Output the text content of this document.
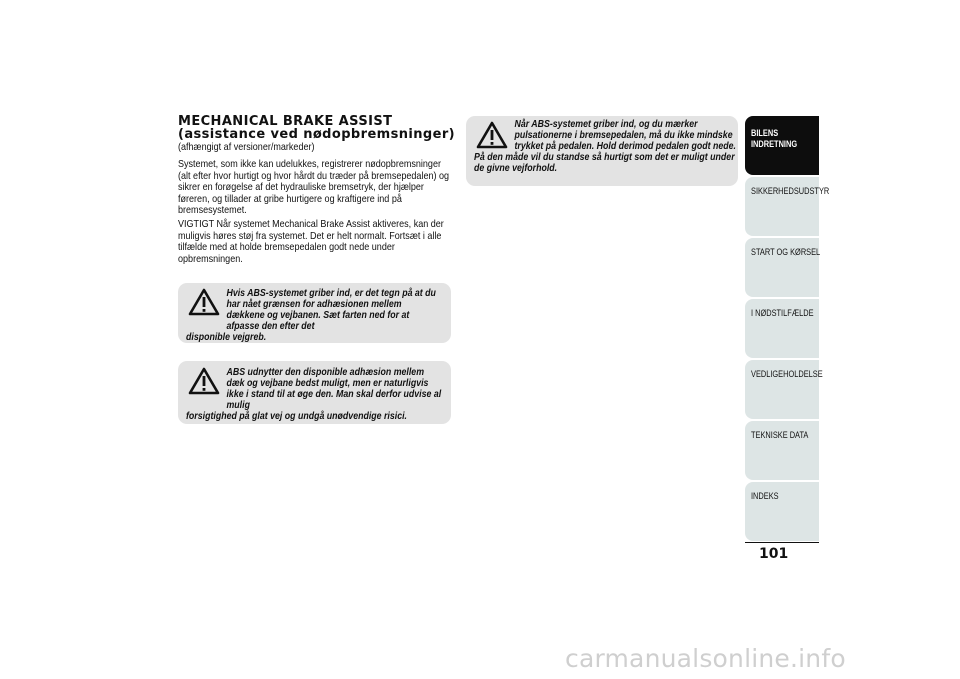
MECHANICAL BRAKE ASSIST
(assistance ved nødopbremsninger)
(afhængigt af versioner/markeder)

Systemet, som ikke kan udelukkes, registrerer nødopbremsninger (alt efter hvor hurtigt og hvor hårdt du træder på bremsepedalen) og sikrer en forøgelse af det hydrauliske bremsetryk, der hjælper føreren, og tillader at gribe hurtigere og kraftigere ind på bremsesystemet.

VIGTIGT Når systemet Mechanical Brake Assist aktiveres, kan der muligvis høres støj fra systemet. Det er helt normalt. Fortsæt i alle tilfælde med at holde bremsepedalen godt nede under opbremsningen.

Hvis ABS-systemet griber ind, er det tegn på at du har nået grænsen for adhæsionen mellem dækkene og vejbanen. Sæt farten ned for at afpasse den efter det
disponible vejgreb.

ABS udnytter den disponible adhæsion mellem dæk og vejbane bedst muligt, men er naturligvis ikke i stand til at øge den. Man skal derfor udvise al mulig
forsigtighed på glat vej og undgå unødvendige risici.

Når ABS-systemet griber ind, og du mærker pulsationerne i bremsepedalen, må du ikke mindske trykket på pedalen. Hold derimod pedalen godt nede.
På den måde vil du standse så hurtigt som det er muligt under de givne vejforhold.

BILENS INDRETNING
SIKKERHEDSUDSTYR
START OG KØRSEL
I NØDSTILFÆLDE
VEDLIGEHOLDELSE
TEKNISKE DATA
INDEKS
101
carmanualsonline.info
